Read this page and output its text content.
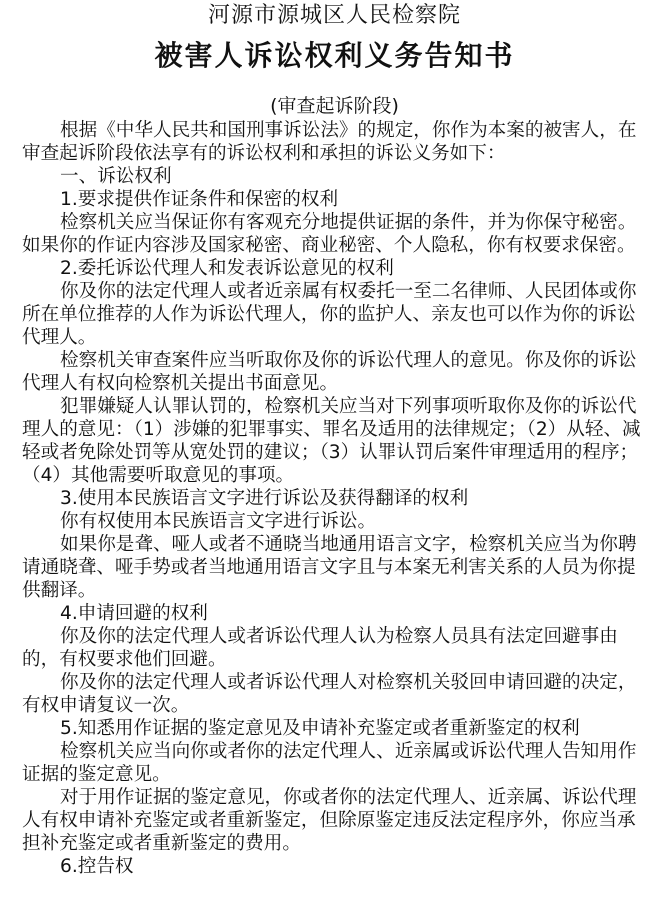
河源市源城区人民检察院
被害人诉讼权利义务告知书
(审查起诉阶段)

根据《中华人民共和国刑事诉讼法》的规定，你作为本案的被害人，在审查起诉阶段依法享有的诉讼权利和承担的诉讼义务如下：

一、诉讼权利

1.要求提供作证条件和保密的权利

检察机关应当保证你有客观充分地提供证据的条件，并为你保守秘密。如果你的作证内容涉及国家秘密、商业秘密、个人隐私，你有权要求保密。

2.委托诉讼代理人和发表诉讼意见的权利

你及你的法定代理人或者近亲属有权委托一至二名律师、人民团体或你所在单位推荐的人作为诉讼代理人，你的监护人、亲友也可以作为你的诉讼代理人。

检察机关审查案件应当听取你及你的诉讼代理人的意见。你及你的诉讼代理人有权向检察机关提出书面意见。

犯罪嫌疑人认罪认罚的，检察机关应当对下列事项听取你及你的诉讼代理人的意见：（1）涉嫌的犯罪事实、罪名及适用的法律规定；（2）从轻、减轻或者免除处罚等从宽处罚的建议；（3）认罪认罚后案件审理适用的程序；（4）其他需要听取意见的事项。

3.使用本民族语言文字进行诉讼及获得翻译的权利

你有权使用本民族语言文字进行诉讼。

如果你是聋、哑人或者不通晓当地通用语言文字，检察机关应当为你聘请通晓聋、哑手势或者当地通用语言文字且与本案无利害关系的人员为你提供翻译。

4.申请回避的权利

你及你的法定代理人或者诉讼代理人认为检察人员具有法定回避事由的，有权要求他们回避。

你及你的法定代理人或者诉讼代理人对检察机关驳回申请回避的决定，有权申请复议一次。

5.知悉用作证据的鉴定意见及申请补充鉴定或者重新鉴定的权利

检察机关应当向你或者你的法定代理人、近亲属或诉讼代理人告知用作证据的鉴定意见。

对于用作证据的鉴定意见，你或者你的法定代理人、近亲属、诉讼代理人有权申请补充鉴定或者重新鉴定，但除原鉴定违反法定程序外，你应当承担补充鉴定或者重新鉴定的费用。

6.控告权
